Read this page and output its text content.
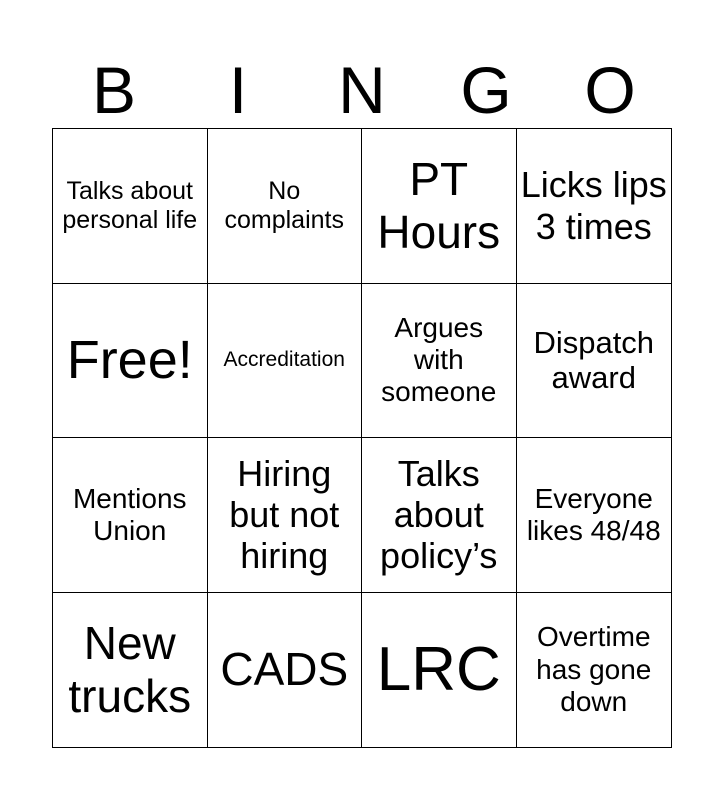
B	I	N	G	O
Talks about personal life
No complaints
PT Hours
Licks lips 3 times
Free!	Accreditation
Argues with someone
Dispatch award
Mentions Union
Hiring but not hiring
Talks about policy’s
Everyone likes 48/48
New trucks
CADS LRC	Overtime has gone down
